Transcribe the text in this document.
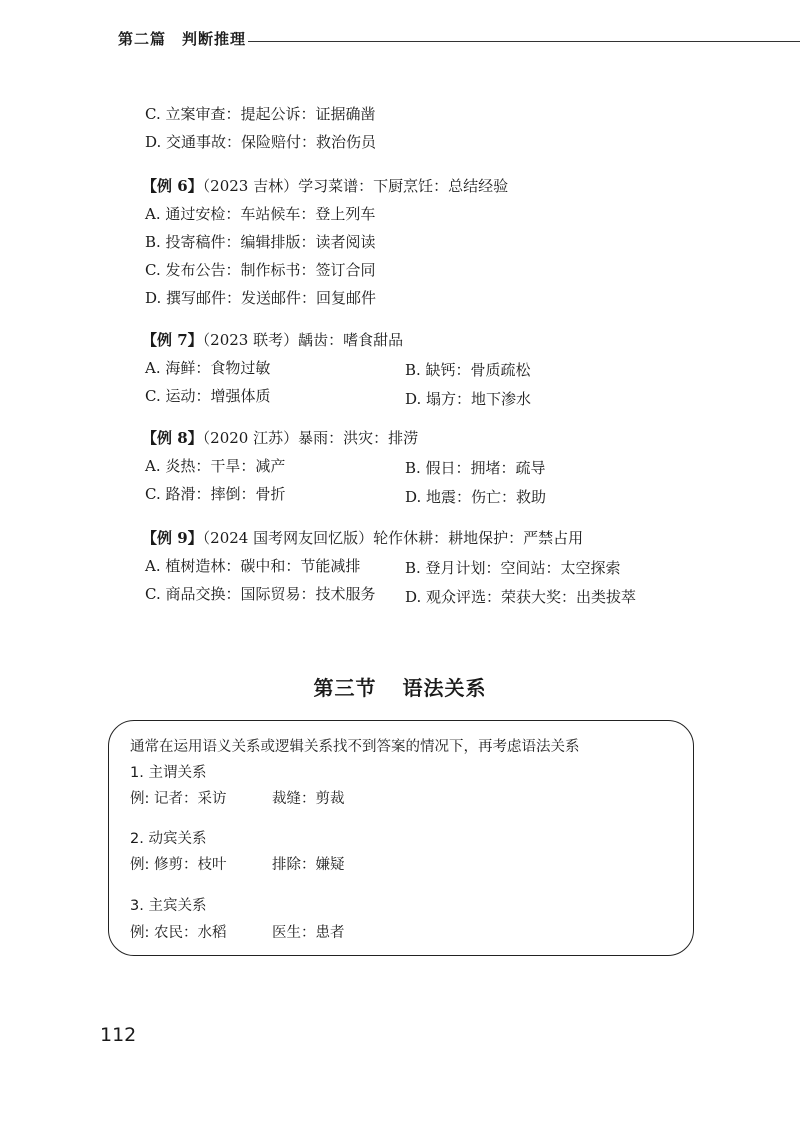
第二篇　判断推理
C. 立案审查：提起公诉：证据确凿
D. 交通事故：保险赔付：救治伤员
【例 6】（2023 吉林）学习菜谱：下厨烹饪：总结经验
A. 通过安检：车站候车：登上列车
B. 投寄稿件：编辑排版：读者阅读
C. 发布公告：制作标书：签订合同
D. 撰写邮件：发送邮件：回复邮件
【例 7】（2023 联考）龋齿：嗜食甜品
A. 海鲜：食物过敏	B. 缺钙：骨质疏松
C. 运动：增强体质	D. 塌方：地下渗水
【例 8】（2020 江苏）暴雨：洪灾：排涝
A. 炎热：干旱：减产	B. 假日：拥堵：疏导
C. 路滑：摔倒：骨折	D. 地震：伤亡：救助
【例 9】（2024 国考网友回忆版）轮作休耕：耕地保护：严禁占用
A. 植树造林：碳中和：节能减排	B. 登月计划：空间站：太空探索
C. 商品交换：国际贸易：技术服务 D. 观众评选：荣获大奖：出类拔萃
第三节 语法关系
通常在运用语义关系或逻辑关系找不到答案的情况下，再考虑语法关系
1. 主谓关系
例: 记者：采访	裁缝：剪裁
2. 动宾关系
例: 修剪：枝叶	排除：嫌疑
3. 主宾关系
例: 农民：水稻	医生：患者
112
